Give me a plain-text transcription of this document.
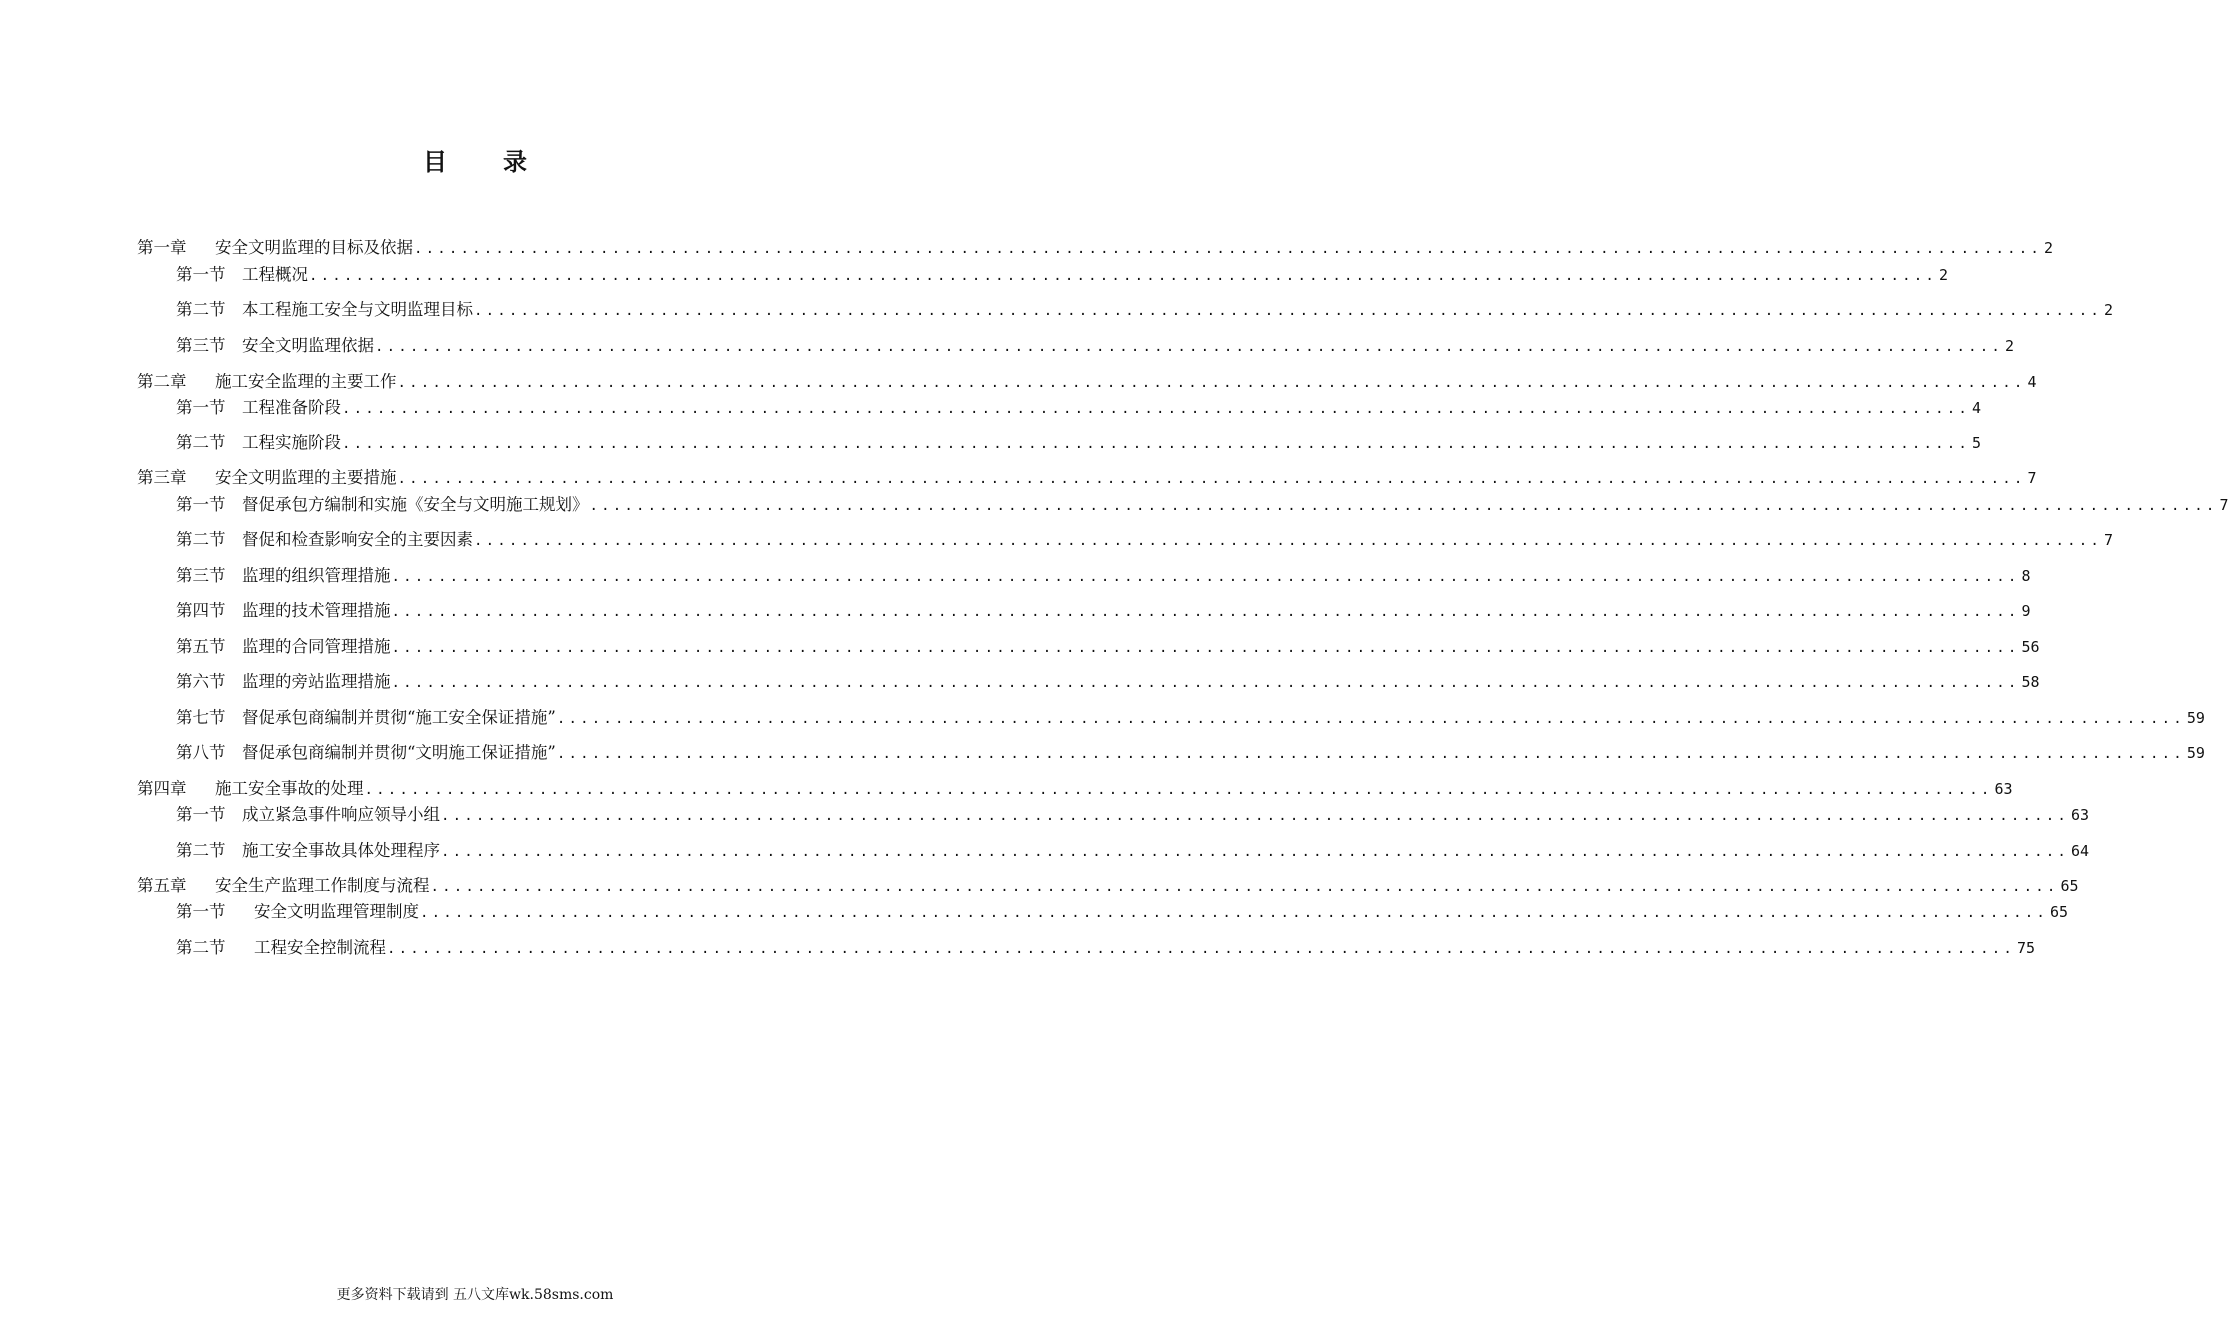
目 录
第一章 安全文明监理的目标及依据 ............................................................................................................................................ 2
第一节 工程概况 ............................................................................................................................................ 2
第二节 本工程施工安全与文明监理目标 ............................................................................................................................................ 2
第三节 安全文明监理依据 ............................................................................................................................................ 2
第二章 施工安全监理的主要工作 ............................................................................................................................................ 4
第一节 工程准备阶段 ............................................................................................................................................ 4
第二节 工程实施阶段 ............................................................................................................................................ 5
第三章 安全文明监理的主要措施 ............................................................................................................................................ 7
第一节 督促承包方编制和实施《安全与文明施工规划》 ............................................................................................................................................ 7
第二节 督促和检查影响安全的主要因素 ............................................................................................................................................ 7
第三节 监理的组织管理措施 ............................................................................................................................................ 8
第四节 监理的技术管理措施 ............................................................................................................................................ 9
第五节 监理的合同管理措施 ............................................................................................................................................ 56
第六节 监理的旁站监理措施 ............................................................................................................................................ 58
第七节 督促承包商编制并贯彻“施工安全保证措施” ............................................................................................................................................ 59
第八节 督促承包商编制并贯彻“文明施工保证措施” ............................................................................................................................................ 59
第四章 施工安全事故的处理 ............................................................................................................................................ 63
第一节 成立紧急事件响应领导小组 ............................................................................................................................................ 63
第二节 施工安全事故具体处理程序 ............................................................................................................................................ 64
第五章 安全生产监理工作制度与流程 ............................................................................................................................................ 65
第一节 安全文明监理管理制度 ............................................................................................................................................ 65
第二节 工程安全控制流程 ............................................................................................................................................ 75
更多资料下载请到 五八文库wk.58sms.com
